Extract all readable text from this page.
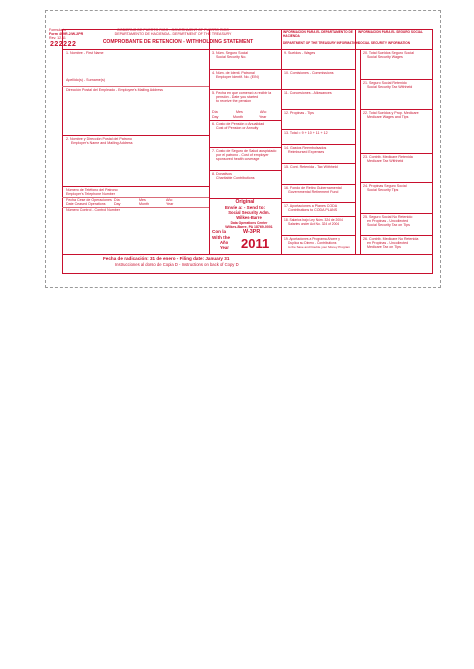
Formulario
Form 499R-2/W-2PR
Rev. 12.11
222222
GOBIERNO DE PUERTO RICO - GOVERNMENT OF PUERTO RICO
DEPARTAMENTO DE HACIENDA - DEPARTMENT OF THE TREASURY
COMPROBANTE DE RETENCION - WITHHOLDING STATEMENT
INFORMACION PARA EL DEPARTAMENTO DE HACIENDA
DEPARTMENT OF THE TREASURY INFORMATION
INFORMACION PARA EL SEGURO SOCIAL
SOCIAL SECURITY INFORMATION
1. Nombre - First Name
Apellido(s) - Surname(s)
Dirección Postal del Empleado - Employee's Mailing Address
2. Nombre y Dirección Postal del Patrono
Employer's Name and Mailing Address
Número de Teléfono del Patrono
Employer's Telephone Number
Fecha Cese de Operaciones
Date Ceased Operations
Día
Day
Mes
Month
Año
Year
Número Control - Control Number
3. Núm. Seguro Social
Social Security No.
4. Núm. de Identi. Patronal
Employer Identif. No. (EIN)
5. Fecha en que comenzó a recibir la
pensión - Date you started
to receive the pension
Día
Day
Mes
Month
Año
Year
6. Costo de Pensión o Anualidad
Cost of Pension or Annuity
7. Costo de Seguro de Salud auspiciado
por el patrono - Cost of employer
sponsored health coverage
8. Donativos
Charitable Contributions
Original
Envíe a: - Send to:
Social Security Adm.
Wilkes-Barre
Data Operations Center
Wilkes-Barre, PA 18769-0001
Con la	W-3PR
With the
Año
Year 2011
9. Sueldos - Wages
10. Comisiones - Commissions
11. Concesiones - Allowances
12. Propinas - Tips
13. Total = 9 + 10 + 11 + 12
14. Gastos Reembolsados
Reimbursed Expenses
15. Cont. Retenida - Tax Withheld
16. Fondo de Retiro Gubernamental
Governmental Retirement Fund
17. Aportaciones a Planes CODA
Contributions to CODA PLANS
18. Salarios bajo Ley Núm. 324 de 2004
Salaries under Act No. 324 of 2004
19. Aportaciones a Programa Ahorre y
Duplica su Dinero - Contributions
to the Save and Double your Money Program
20. Total Sueldos Seguro Social
Social Security Wages
21. Seguro Social Retenido
Social Security Tax Withheld
22. Total Sueldos y Prop. Medicare
Medicare Wages and Tips
23. Contrib. Medicare Retenida
Medicare Tax Withheld
24. Propinas Seguro Social
Social Security Tips
25. Seguro Social No Retenido
en Propinas - Uncollected
Social Security Tax on Tips
26. Contrib. Medicare No Retenida
en Propinas - Uncollected
Medicare Tax on Tips
Fecha de radicación: 31 de enero - Filing date: January 31
Instrucciones al dorso de Copia D - Instructions on back of Copy D
